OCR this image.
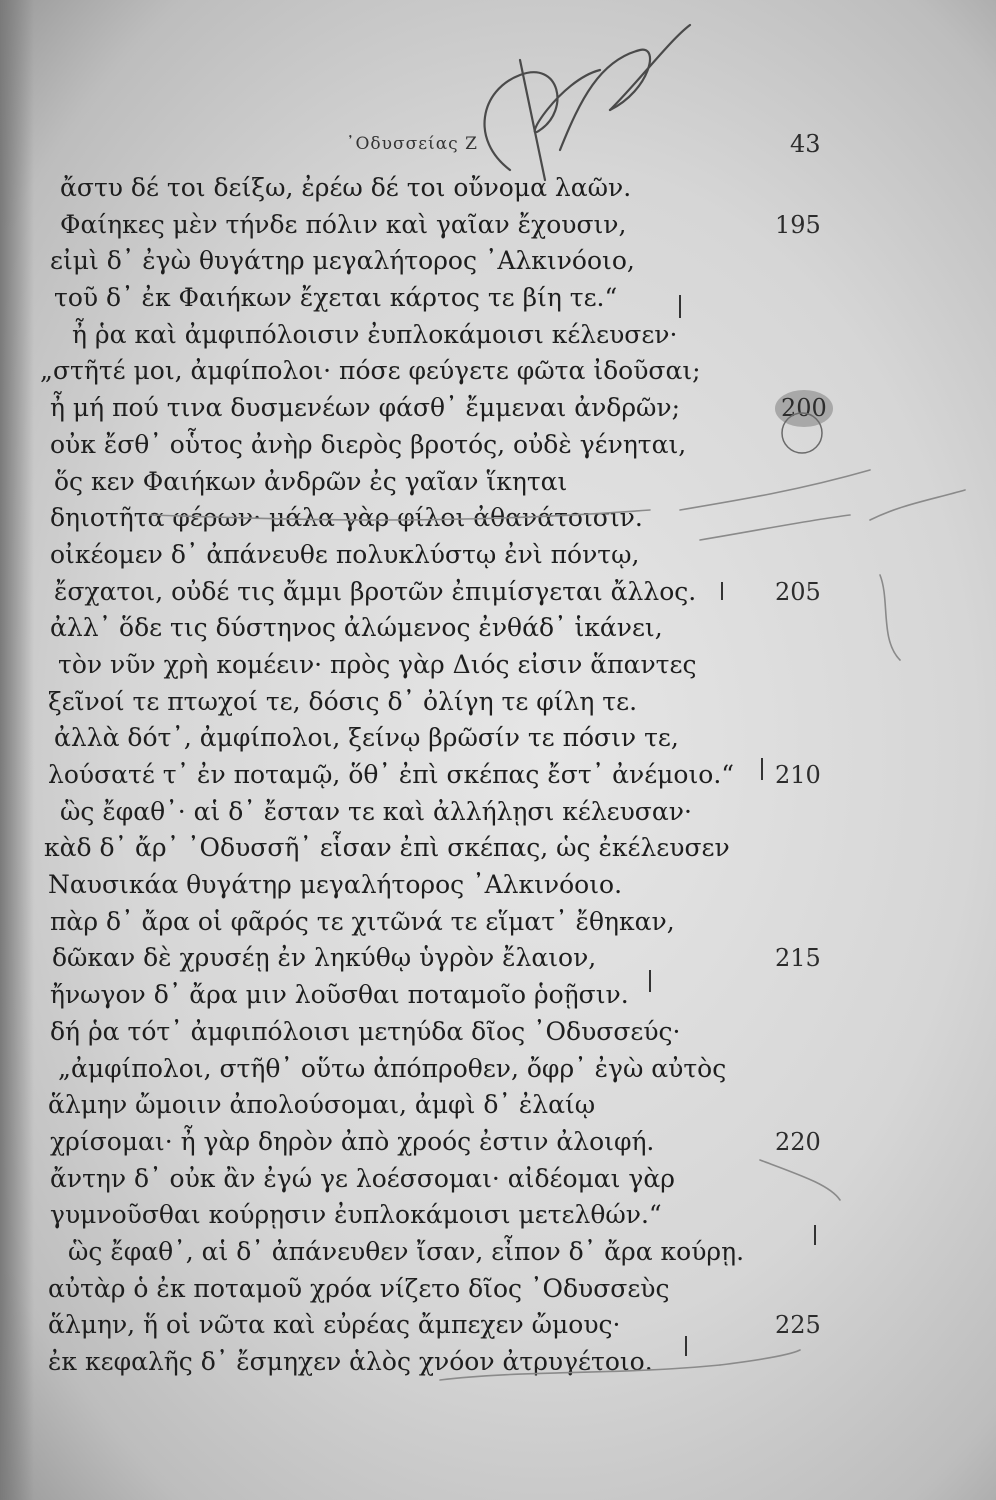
᾿Οδυσσείας Ζ	43
ἄστυ δέ τοι δείξω, ἐρέω δέ τοι οὔνομα λαῶν.
Φαίηκες μὲν τήνδε πόλιν καὶ γαῖαν ἔχουσιν,	195
εἰμὶ δ᾿ ἐγὼ θυγάτηρ μεγαλήτορος ᾿Αλκινόοιο,
τοῦ δ᾿ ἐκ Φαιήκων ἔχεται κάρτος τε βίη τε.“
ἦ ῥα καὶ ἀμφιπόλοισιν ἐυπλοκάμοισι κέλευσεν·
„στῆτέ μοι, ἀμφίπολοι· πόσε φεύγετε φῶτα ἰδοῦσαι;
ἦ μή πού τινα δυσμενέων φάσθ᾿ ἔμμεναι ἀνδρῶν;	200
οὐκ ἔσθ᾿ οὗτος ἀνὴρ διερὸς βροτός, οὐδὲ γένηται,
ὅς κεν Φαιήκων ἀνδρῶν ἐς γαῖαν ἵκηται
δηιοτῆτα φέρων· μάλα γὰρ φίλοι ἀθανάτοισιν.
οἰκέομεν δ᾿ ἀπάνευθε πολυκλύστῳ ἐνὶ πόντῳ,
ἔσχατοι, οὐδέ τις ἄμμι βροτῶν ἐπιμίσγεται ἄλλος.	205
ἀλλ᾿ ὅδε τις δύστηνος ἀλώμενος ἐνθάδ᾿ ἱκάνει,
τὸν νῦν χρὴ κομέειν· πρὸς γὰρ Διός εἰσιν ἅπαντες
ξεῖνοί τε πτωχοί τε, δόσις δ᾿ ὀλίγη τε φίλη τε.
ἀλλὰ δότ᾿, ἀμφίπολοι, ξείνῳ βρῶσίν τε πόσιν τε,
λούσατέ τ᾿ ἐν ποταμῷ, ὅθ᾿ ἐπὶ σκέπας ἔστ᾿ ἀνέμοιο.“ 210
ὣς ἔφαθ᾿· αἱ δ᾿ ἔσταν τε καὶ ἀλλήλῃσι κέλευσαν·
κὰδ δ᾿ ἄρ᾿ ᾿Οδυσσῆ᾿ εἷσαν ἐπὶ σκέπας, ὡς ἐκέλευσεν
Ναυσικάα θυγάτηρ μεγαλήτορος ᾿Αλκινόοιο.
πὰρ δ᾿ ἄρα οἱ φᾶρός τε χιτῶνά τε εἵματ᾿ ἔθηκαν,
δῶκαν δὲ χρυσέῃ ἐν ληκύθῳ ὑγρὸν ἔλαιον,	215
ἤνωγον δ᾿ ἄρα μιν λοῦσθαι ποταμοῖο ῥοῇσιν.
δή ῥα τότ᾿ ἀμφιπόλοισι μετηύδα δῖος ᾿Οδυσσεύς·
„ἀμφίπολοι, στῆθ᾿ οὕτω ἀπόπροθεν, ὄφρ᾿ ἐγὼ αὐτὸς
ἅλμην ὤμοιιν ἀπολούσομαι, ἀμφὶ δ᾿ ἐλαίῳ
χρίσομαι· ἦ γὰρ δηρὸν ἀπὸ χροός ἐστιν ἀλοιφή.	220
ἄντην δ᾿ οὐκ ἂν ἐγώ γε λοέσσομαι· αἰδέομαι γὰρ
γυμνοῦσθαι κούρῃσιν ἐυπλοκάμοισι μετελθών.“
ὣς ἔφαθ᾿, αἱ δ᾿ ἀπάνευθεν ἴσαν, εἶπον δ᾿ ἄρα κούρῃ.
αὐτὰρ ὁ ἐκ ποταμοῦ χρόα νίζετο δῖος ᾿Οδυσσεὺς
ἅλμην, ἥ οἱ νῶτα καὶ εὐρέας ἄμπεχεν ὤμους·	225
ἐκ κεφαλῆς δ᾿ ἔσμηχεν ἁλὸς χνόον ἀτρυγέτοιο.
